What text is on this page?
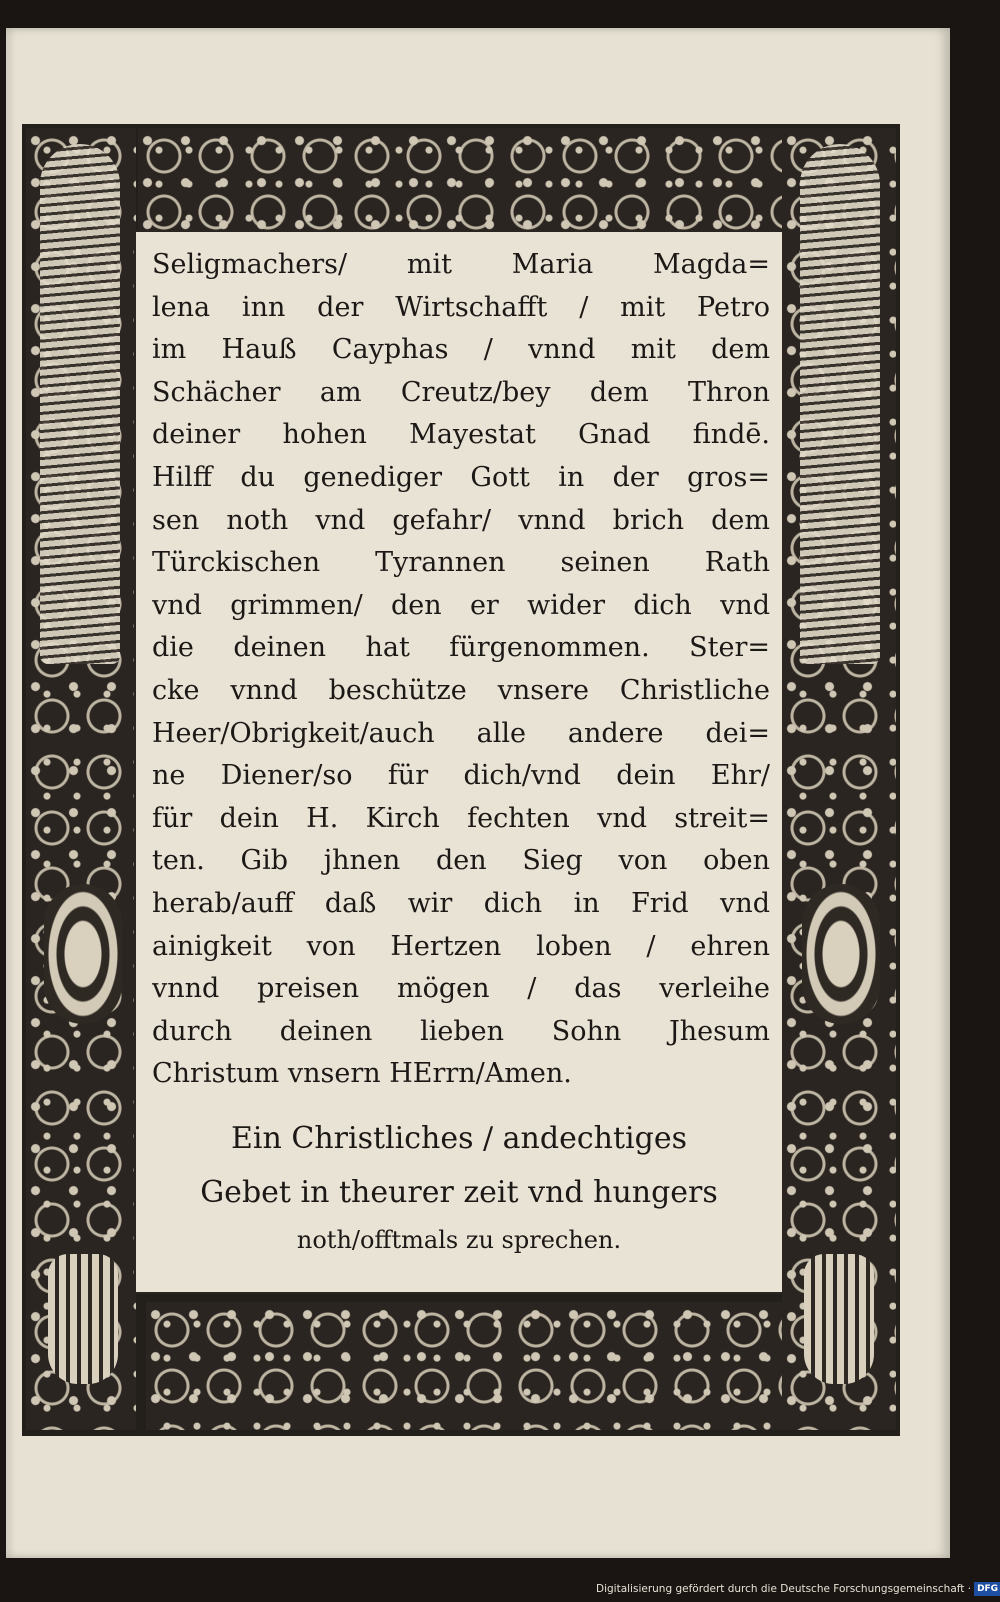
Seligmachers/ mit Maria Magda=
lena inn der Wirtschafft / mit Petro
im Hauß Cayphas / vnnd mit dem
Schächer am Creutz/bey dem Thron
deiner hohen Mayestat Gnad findē.
Hilff du genediger Gott in der gros=
sen noth vnd gefahr/ vnnd brich dem
Türckischen Tyrannen seinen Rath
vnd grimmen/ den er wider dich vnd
die deinen hat fürgenommen. Ster=
cke vnnd beschütze vnsere Christliche
Heer/Obrigkeit/auch alle andere dei=
ne Diener/so für dich/vnd dein Ehr/
für dein H. Kirch fechten vnd streit=
ten. Gib jhnen den Sieg von oben
herab/auff daß wir dich in Frid vnd
ainigkeit von Hertzen loben / ehren
vnnd preisen mögen / das verleihe
durch deinen lieben Sohn Jhesum
Christum vnsern HErrn/Amen.
Ein Christliches / andechtiges
Gebet in theurer zeit vnd hungers
noth/offtmals zu sprechen.
Digitalisierung gefördert durch die Deutsche Forschungsgemeinschaft · DFG
